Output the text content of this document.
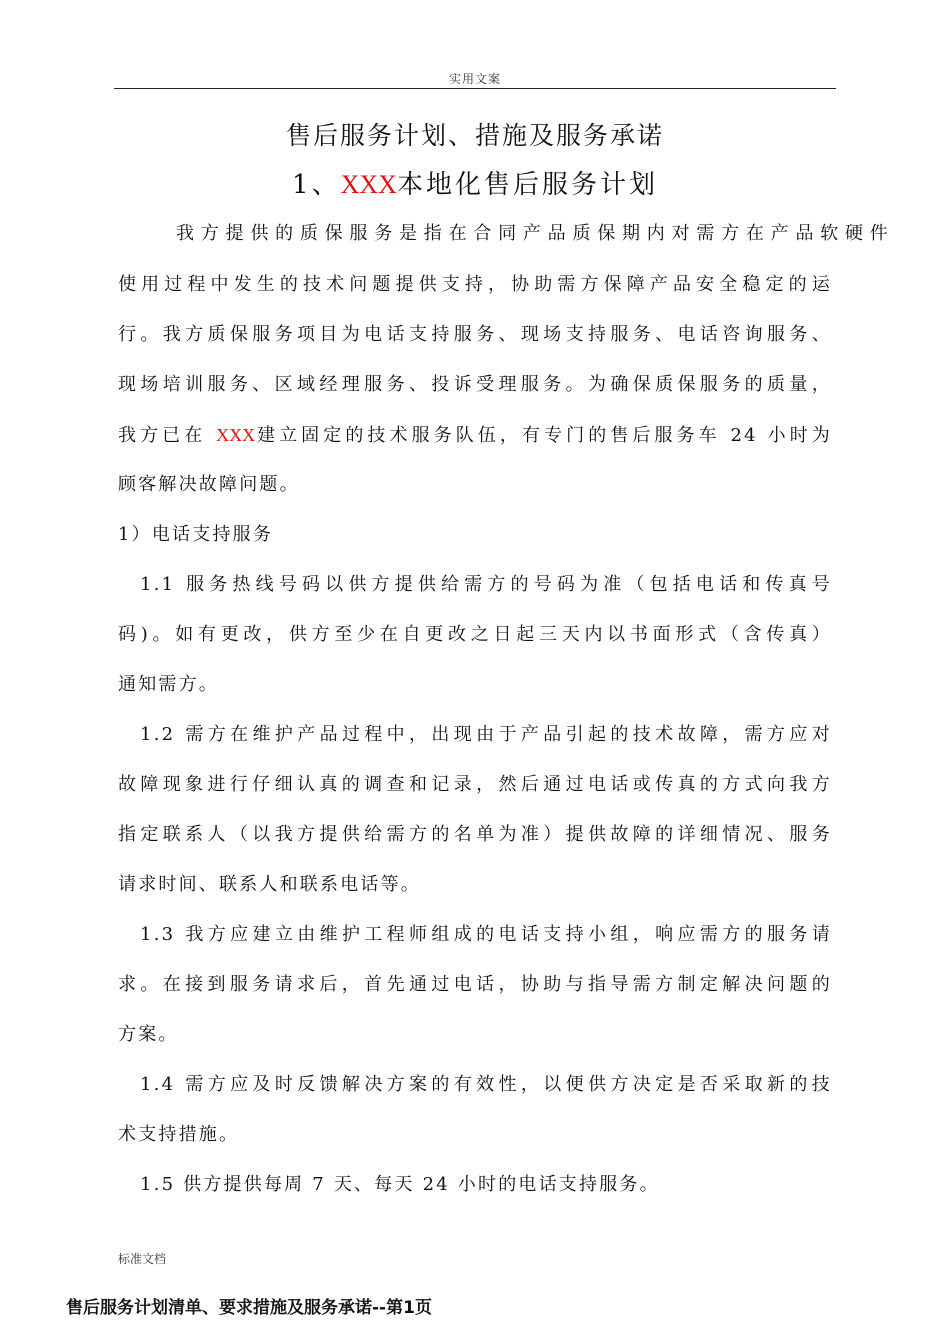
实用文案
售后服务计划、措施及服务承诺
1、XXX本地化售后服务计划
我方提供的质保服务是指在合同产品质保期内对需方在产品软硬件
使用过程中发生的技术问题提供支持，协助需方保障产品安全稳定的运
行。我方质保服务项目为电话支持服务、现场支持服务、电话咨询服务、
现场培训服务、区域经理服务、投诉受理服务。为确保质保服务的质量，
我方已在 XXX建立固定的技术服务队伍，有专门的售后服务车 24 小时为
顾客解决故障问题。
1）电话支持服务
1.1 服务热线号码以供方提供给需方的号码为准（包括电话和传真号
码)。如有更改，供方至少在自更改之日起三天内以书面形式（含传真）
通知需方。
1.2 需方在维护产品过程中，出现由于产品引起的技术故障，需方应对
故障现象进行仔细认真的调查和记录，然后通过电话或传真的方式向我方
指定联系人（以我方提供给需方的名单为准）提供故障的详细情况、服务
请求时间、联系人和联系电话等。
1.3 我方应建立由维护工程师组成的电话支持小组，响应需方的服务请
求。在接到服务请求后，首先通过电话，协助与指导需方制定解决问题的
方案。
1.4 需方应及时反馈解决方案的有效性，以便供方决定是否采取新的技
术支持措施。
1.5 供方提供每周 7 天、每天 24 小时的电话支持服务。
标准文档
售后服务计划清单、要求措施及服务承诺--第1页
